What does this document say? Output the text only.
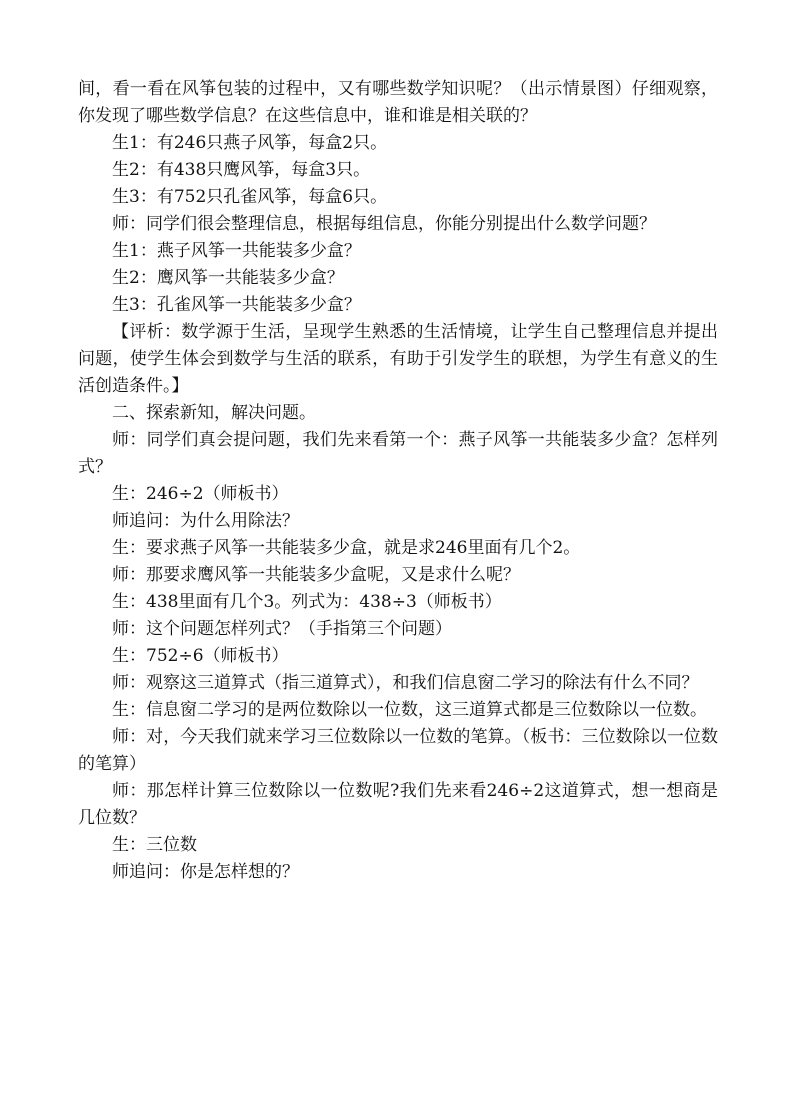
间，看一看在风筝包装的过程中，又有哪些数学知识呢？（出示情景图）仔细观察，你发现了哪些数学信息？在这些信息中，谁和谁是相关联的？

生1：有246只燕子风筝，每盒2只。

生2：有438只鹰风筝，每盒3只。

生3：有752只孔雀风筝，每盒6只。

师：同学们很会整理信息，根据每组信息，你能分别提出什么数学问题？

生1：燕子风筝一共能装多少盒？

生2：鹰风筝一共能装多少盒？

生3：孔雀风筝一共能装多少盒？

【评析：数学源于生活，呈现学生熟悉的生活情境，让学生自己整理信息并提出问题，使学生体会到数学与生活的联系，有助于引发学生的联想，为学生有意义的生活创造条件。】

二、探索新知，解决问题。

师：同学们真会提问题，我们先来看第一个：燕子风筝一共能装多少盒？怎样列式？

生：246÷2（师板书）

师追问：为什么用除法？

生：要求燕子风筝一共能装多少盒，就是求246里面有几个2。

师：那要求鹰风筝一共能装多少盒呢，又是求什么呢？

生：438里面有几个3。列式为：438÷3（师板书）

师：这个问题怎样列式？（手指第三个问题）

生：752÷6（师板书）

师：观察这三道算式（指三道算式），和我们信息窗二学习的除法有什么不同？

生：信息窗二学习的是两位数除以一位数，这三道算式都是三位数除以一位数。

师：对，今天我们就来学习三位数除以一位数的笔算。（板书：三位数除以一位数的笔算）

师：那怎样计算三位数除以一位数呢?我们先来看246÷2这道算式，想一想商是几位数？

生：三位数

师追问：你是怎样想的？
